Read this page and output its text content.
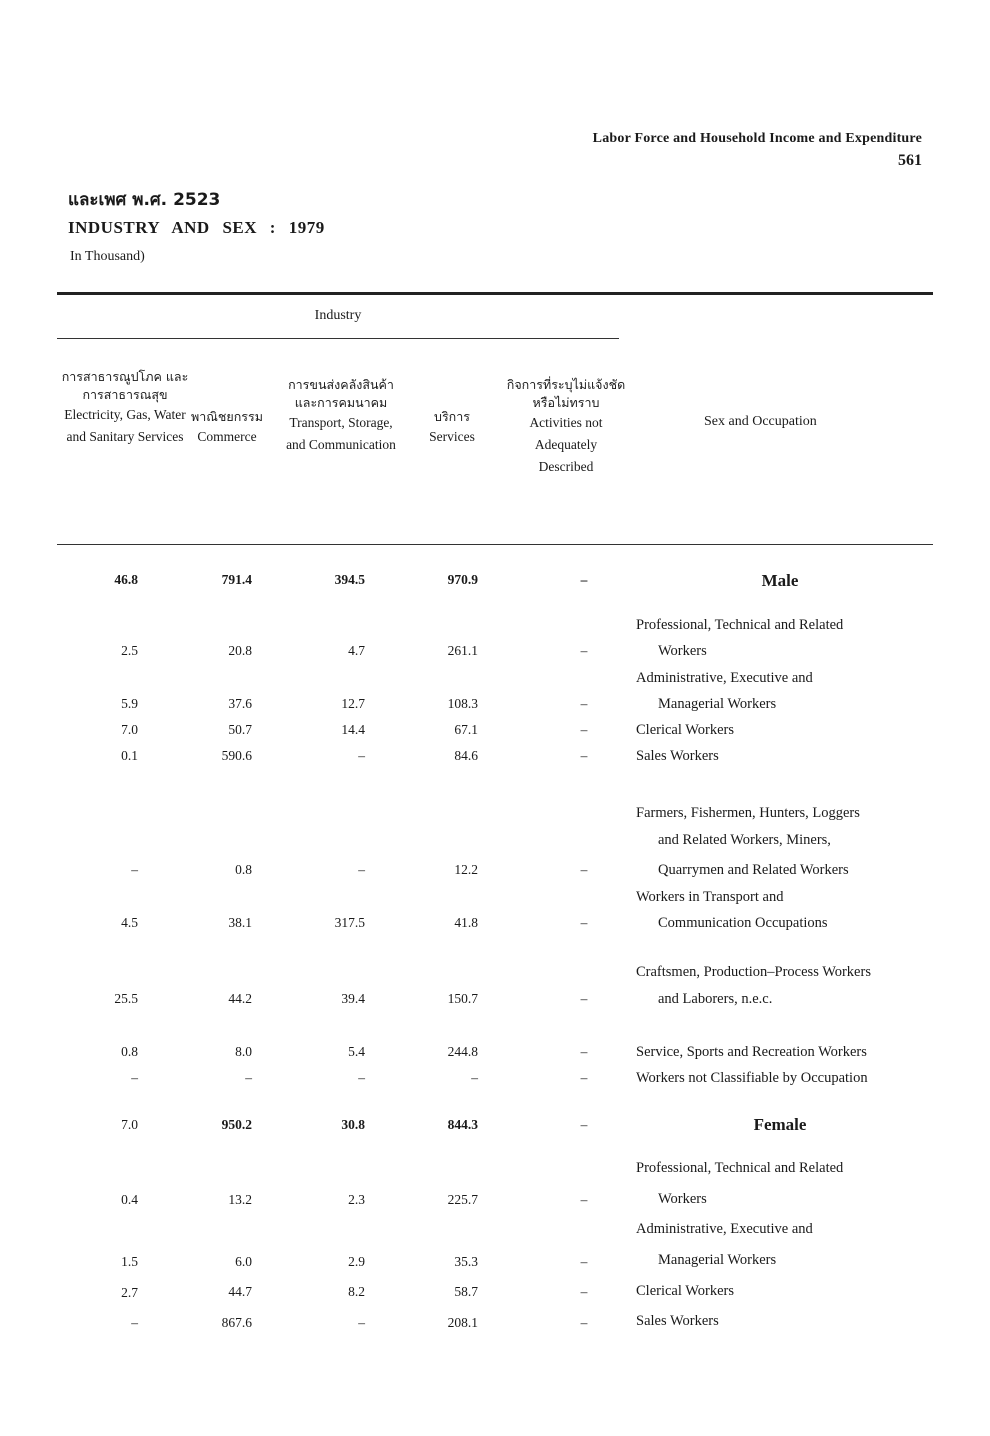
Labor Force and Household Income and Expenditure
561
และเพศ พ.ศ. 2523
INDUSTRY AND SEX : 1979
In Thousand)
Industry
การสาธารณูปโภค และการสาธารณสุข
Electricity, Gas, Water and Sanitary Services
พาณิชยกรรม
Commerce
การขนส่งคลังสินค้า และการคมนาคม
Transport, Storage, and Communication
บริการ
Services
กิจการที่ระบุไม่แจ้งชัดหรือไม่ทราบ
Activities not Adequately Described
Sex and Occupation
46.8	791.4	394.5	970.9	–	Male
Professional, Technical and Related
2.5	20.8	4.7	261.1	–	Workers
Administrative, Executive and
5.9	37.6	12.7	108.3	–	Managerial Workers
7.0	50.7	14.4	67.1	–	Clerical Workers
0.1	590.6	–	84.6	–	Sales Workers
Farmers, Fishermen, Hunters, Loggers
and Related Workers, Miners,
–	0.8	–	12.2	–	Quarrymen and Related Workers
Workers in Transport and
4.5	38.1	317.5	41.8	–	Communication Occupations
Craftsmen, Production–Process Workers
25.5	44.2	39.4	150.7	–	and Laborers, n.e.c.
0.8	8.0	5.4	244.8	–	Service, Sports and Recreation Workers
–	–	–	–	–	Workers not Classifiable by Occupation
7.0	950.2	30.8	844.3	–	Female
Professional, Technical and Related
0.4	13.2	2.3	225.7	–	Workers
Administrative, Executive and
1.5	6.0	2.9	35.3	–	Managerial Workers
2.7	44.7	8.2	58.7	–	Clerical Workers
–	867.6	–	208.1	–	Sales Workers
